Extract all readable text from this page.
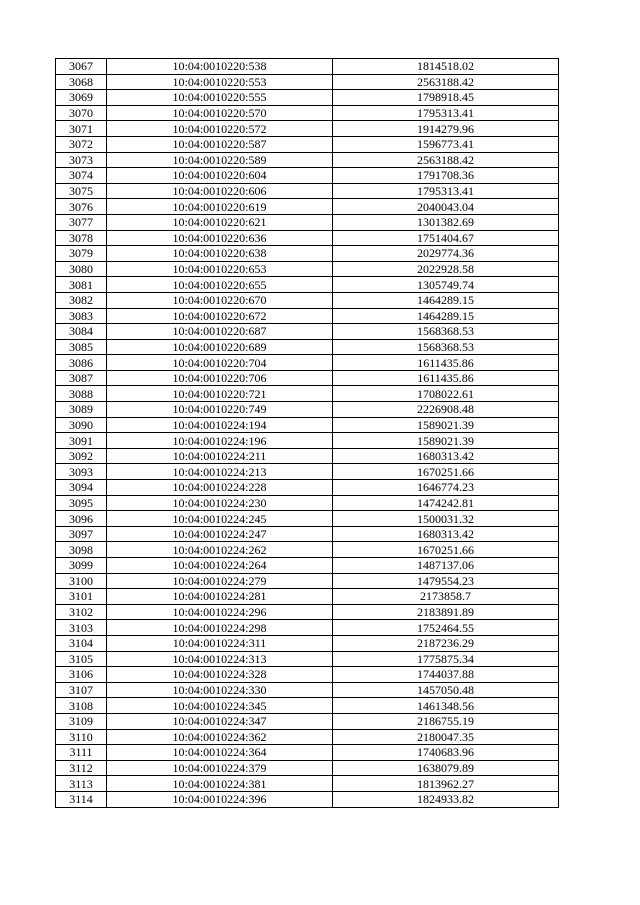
3067	10:04:0010220:538	1814518.02
3068	10:04:0010220:553	2563188.42
3069	10:04:0010220:555	1798918.45
3070	10:04:0010220:570	1795313.41
3071	10:04:0010220:572	1914279.96
3072	10:04:0010220:587	1596773.41
3073	10:04:0010220:589	2563188.42
3074	10:04:0010220:604	1791708.36
3075	10:04:0010220:606	1795313.41
3076	10:04:0010220:619	2040043.04
3077	10:04:0010220:621	1301382.69
3078	10:04:0010220:636	1751404.67
3079	10:04:0010220:638	2029774.36
3080	10:04:0010220:653	2022928.58
3081	10:04:0010220:655	1305749.74
3082	10:04:0010220:670	1464289.15
3083	10:04:0010220:672	1464289.15
3084	10:04:0010220:687	1568368.53
3085	10:04:0010220:689	1568368.53
3086	10:04:0010220:704	1611435.86
3087	10:04:0010220:706	1611435.86
3088	10:04:0010220:721	1708022.61
3089	10:04:0010220:749	2226908.48
3090	10:04:0010224:194	1589021.39
3091	10:04:0010224:196	1589021.39
3092	10:04:0010224:211	1680313.42
3093	10:04:0010224:213	1670251.66
3094	10:04:0010224:228	1646774.23
3095	10:04:0010224:230	1474242.81
3096	10:04:0010224:245	1500031.32
3097	10:04:0010224:247	1680313.42
3098	10:04:0010224:262	1670251.66
3099	10:04:0010224:264	1487137.06
3100	10:04:0010224:279	1479554.23
3101	10:04:0010224:281	2173858.7
3102	10:04:0010224:296	2183891.89
3103	10:04:0010224:298	1752464.55
3104	10:04:0010224:311	2187236.29
3105	10:04:0010224:313	1775875.34
3106	10:04:0010224:328	1744037.88
3107	10:04:0010224:330	1457050.48
3108	10:04:0010224:345	1461348.56
3109	10:04:0010224:347	2186755.19
3110	10:04:0010224:362	2180047.35
3111	10:04:0010224:364	1740683.96
3112	10:04:0010224:379	1638079.89
3113	10:04:0010224:381	1813962.27
3114	10:04:0010224:396	1824933.82
